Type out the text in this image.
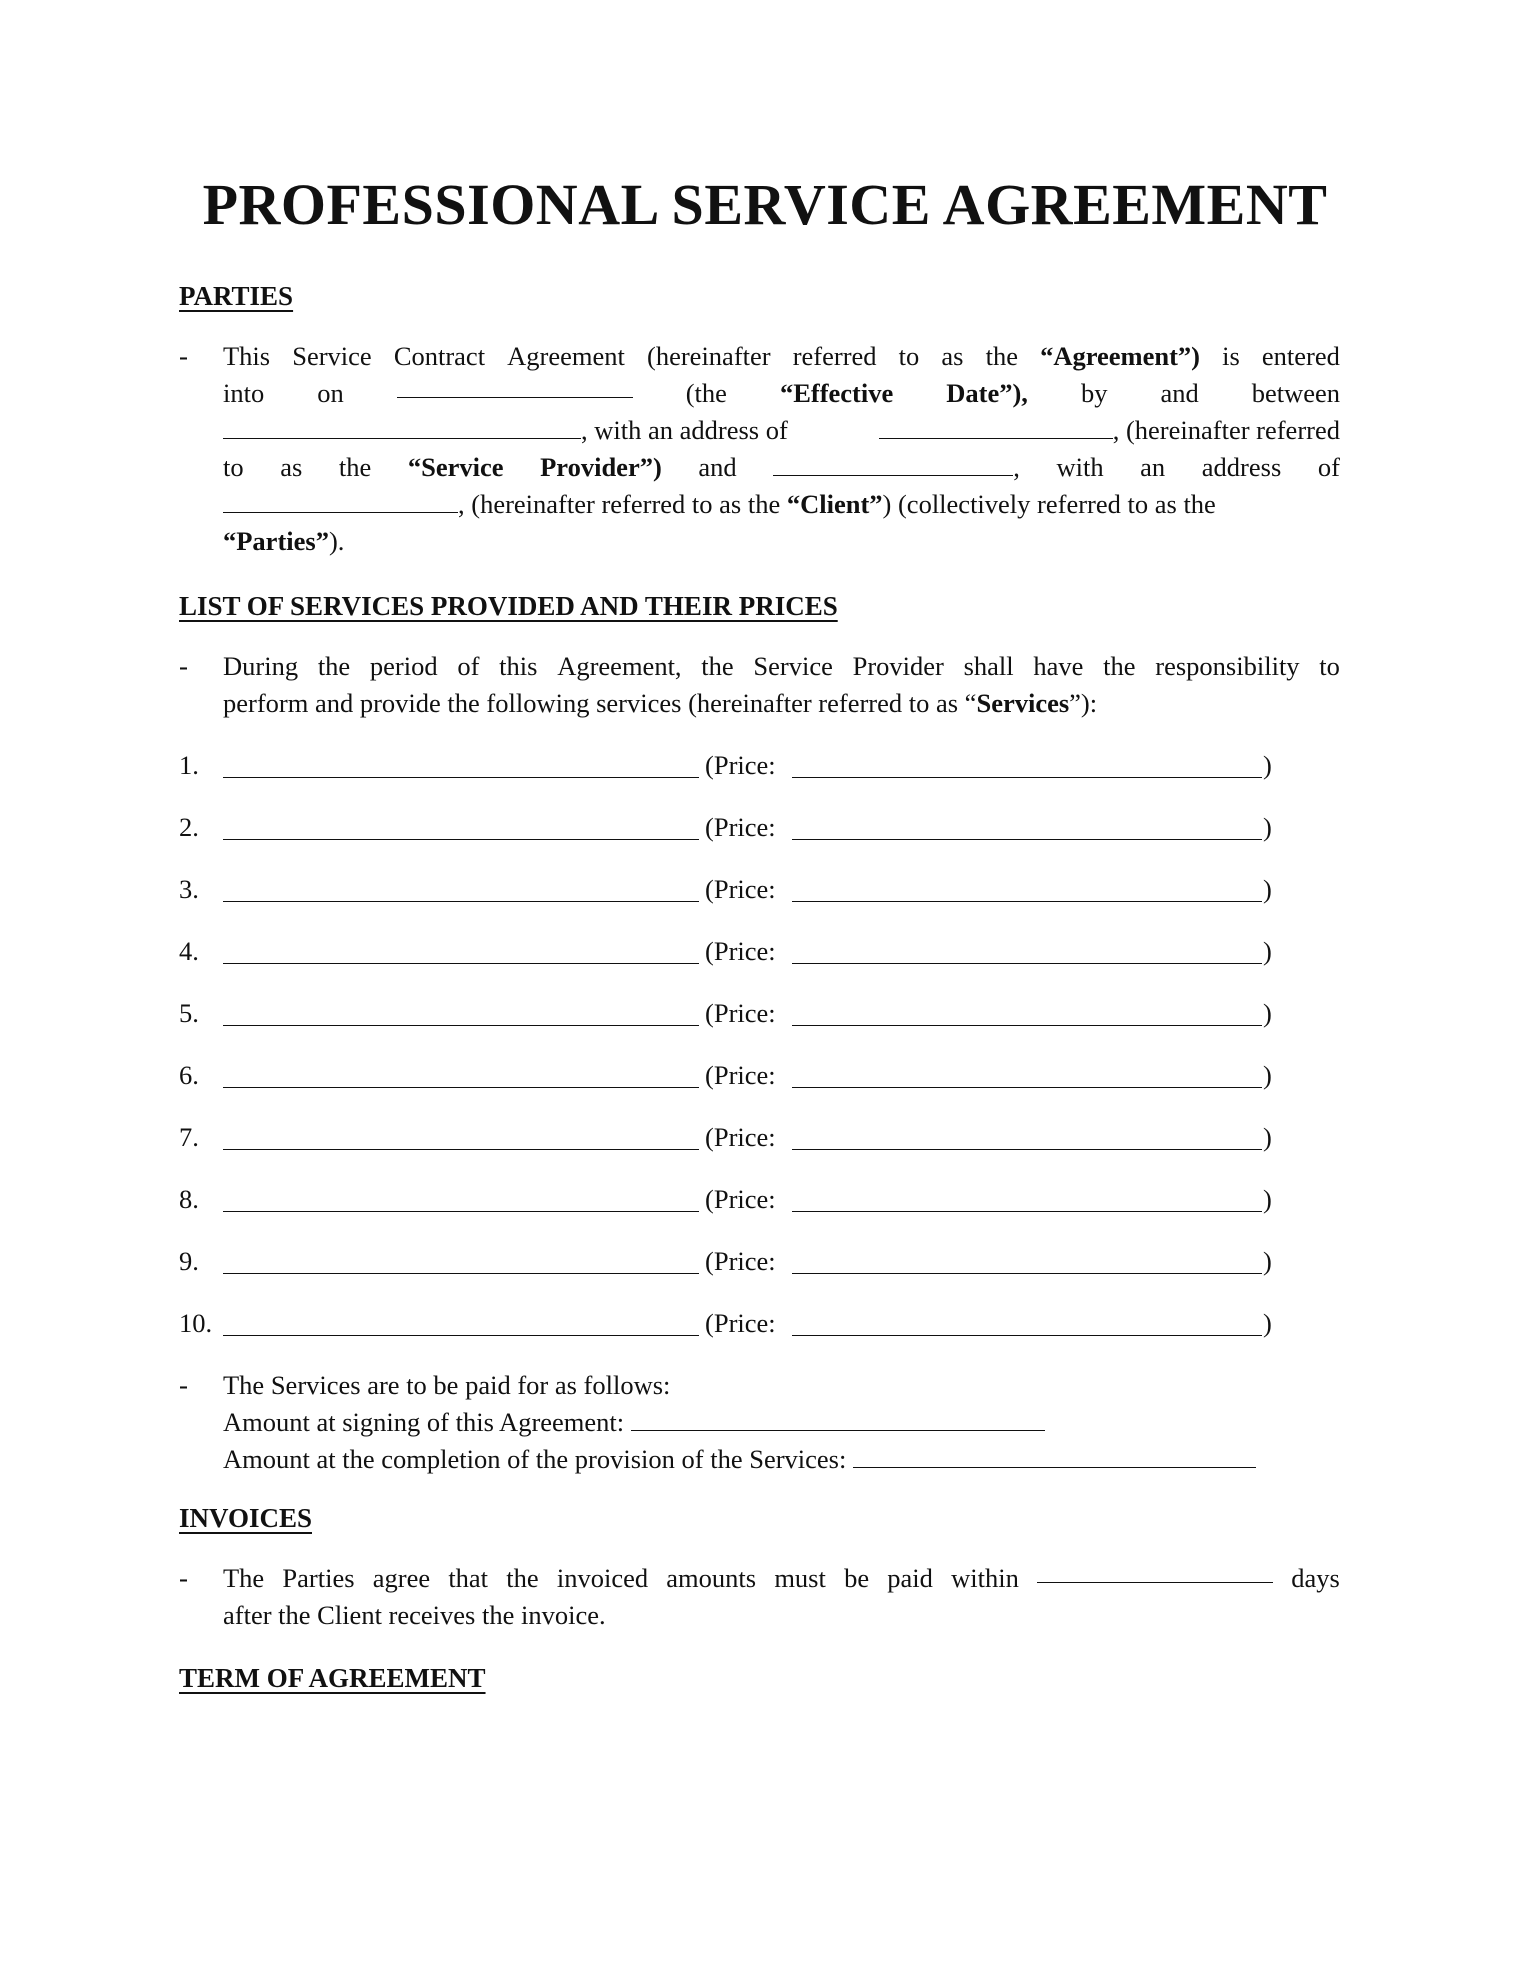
PROFESSIONAL SERVICE AGREEMENT
PARTIES
- This Service Contract Agreement (hereinafter referred to as the “Agreement”) is entered
into on	(the “Effective Date”), by and between
, with an address of	, (hereinafter referred
to as the “Service Provider”) and	, with an address of
, (hereinafter referred to as the “Client”) (collectively referred to as the
“Parties”).
LIST OF SERVICES PROVIDED AND THEIR PRICES
- During the period of this Agreement, the Service Provider shall have the responsibility to
perform and provide the following services (hereinafter referred to as “Services”):
1.	(Price:	)
2.	(Price:	)
3.	(Price:	)
4.	(Price:	)
5.	(Price:	)
6.	(Price:	)
7.	(Price:	)
8.	(Price:	)
9.	(Price:	)
10.	(Price:	)
- The Services are to be paid for as follows:
Amount at signing of this Agreement:
Amount at the completion of the provision of the Services:
INVOICES
- The Parties agree that the invoiced amounts must be paid within	days
after the Client receives the invoice.
TERM OF AGREEMENT
